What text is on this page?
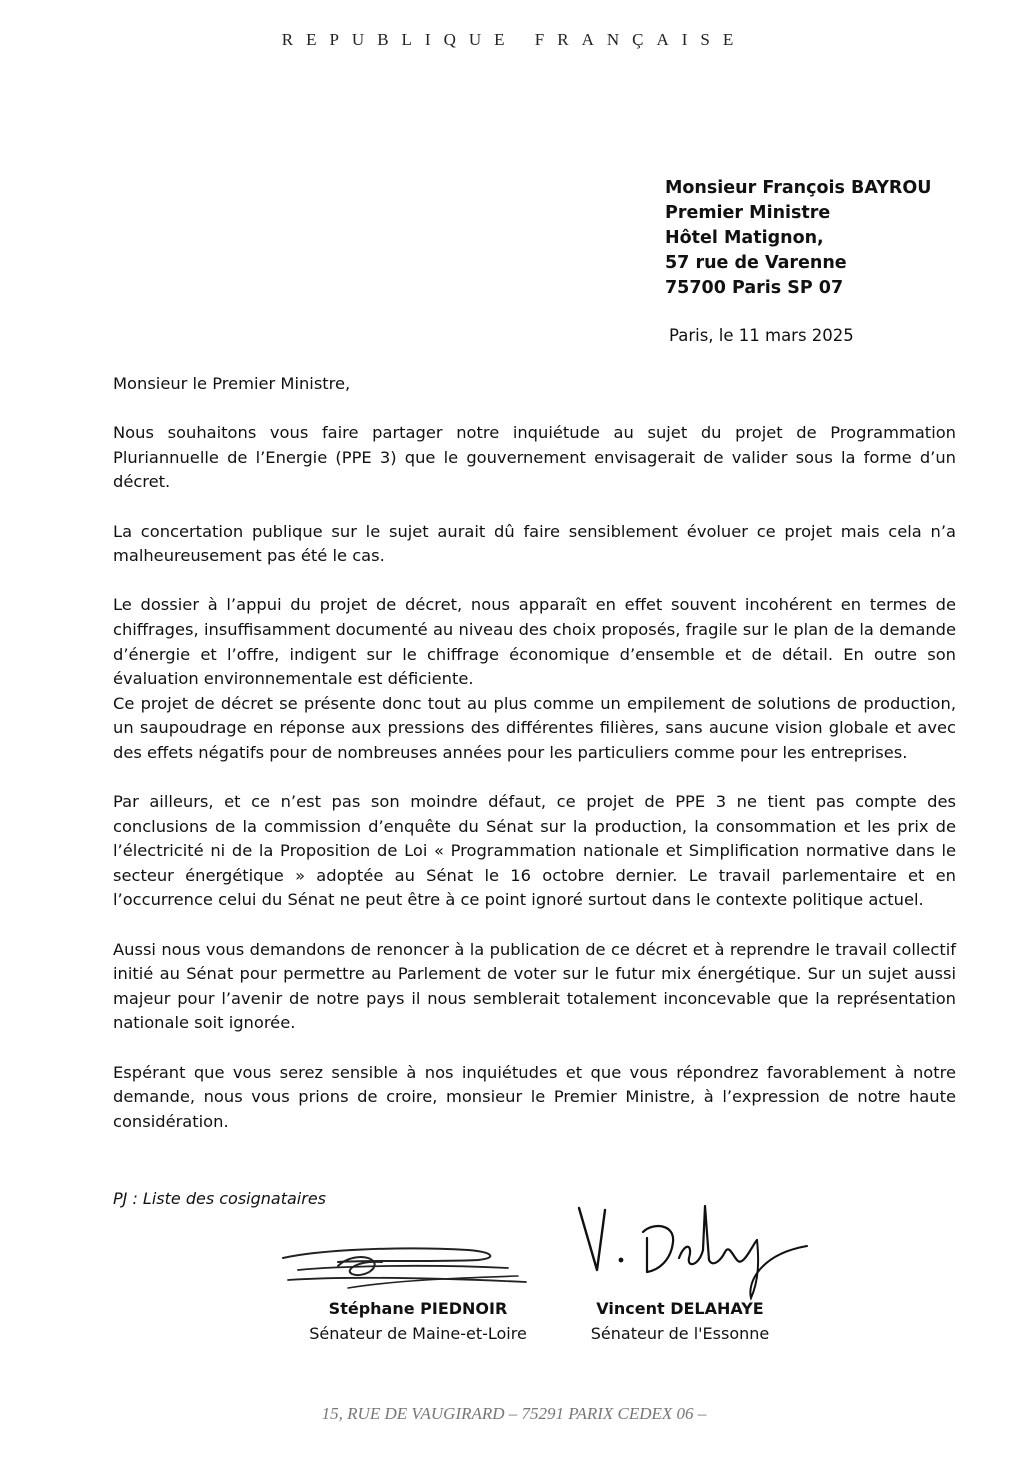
REPUBLIQUE FRANÇAISE
Monsieur François BAYROU
Premier Ministre
Hôtel Matignon,
57 rue de Varenne
75700 Paris SP 07
Paris, le 11 mars 2025

Monsieur le Premier Ministre,

Nous souhaitons vous faire partager notre inquiétude au sujet du projet de Programmation Pluriannuelle de l’Energie (PPE 3) que le gouvernement envisagerait de valider sous la forme d’un décret.

La concertation publique sur le sujet aurait dû faire sensiblement évoluer ce projet mais cela n’a malheureusement pas été le cas.

Le dossier à l’appui du projet de décret, nous apparaît en effet souvent incohérent en termes de chiffrages, insuffisamment documenté au niveau des choix proposés, fragile sur le plan de la demande d’énergie et l’offre, indigent sur le chiffrage économique d’ensemble et de détail. En outre son évaluation environnementale est déficiente.

Ce projet de décret se présente donc tout au plus comme un empilement de solutions de production, un saupoudrage en réponse aux pressions des différentes filières, sans aucune vision globale et avec des effets négatifs pour de nombreuses années pour les particuliers comme pour les entreprises.

Par ailleurs, et ce n’est pas son moindre défaut, ce projet de PPE 3 ne tient pas compte des conclusions de la commission d’enquête du Sénat sur la production, la consommation et les prix de l’électricité ni de la Proposition de Loi « Programmation nationale et Simplification normative dans le secteur énergétique » adoptée au Sénat le 16 octobre dernier. Le travail parlementaire et en l’occurrence celui du Sénat ne peut être à ce point ignoré surtout dans le contexte politique actuel.

Aussi nous vous demandons de renoncer à la publication de ce décret et à reprendre le travail collectif initié au Sénat pour permettre au Parlement de voter sur le futur mix énergétique. Sur un sujet aussi majeur pour l’avenir de notre pays il nous semblerait totalement inconcevable que la représentation nationale soit ignorée.

Espérant que vous serez sensible à nos inquiétudes et que vous répondrez favorablement à notre demande, nous vous prions de croire, monsieur le Premier Ministre, à l’expression de notre haute considération.

PJ : Liste des cosignataires
Stéphane PIEDNOIR
Sénateur de Maine-et-Loire
Vincent DELAHAYE
Sénateur de l'Essonne
15, RUE DE VAUGIRARD – 75291 PARIX CEDEX 06 –
